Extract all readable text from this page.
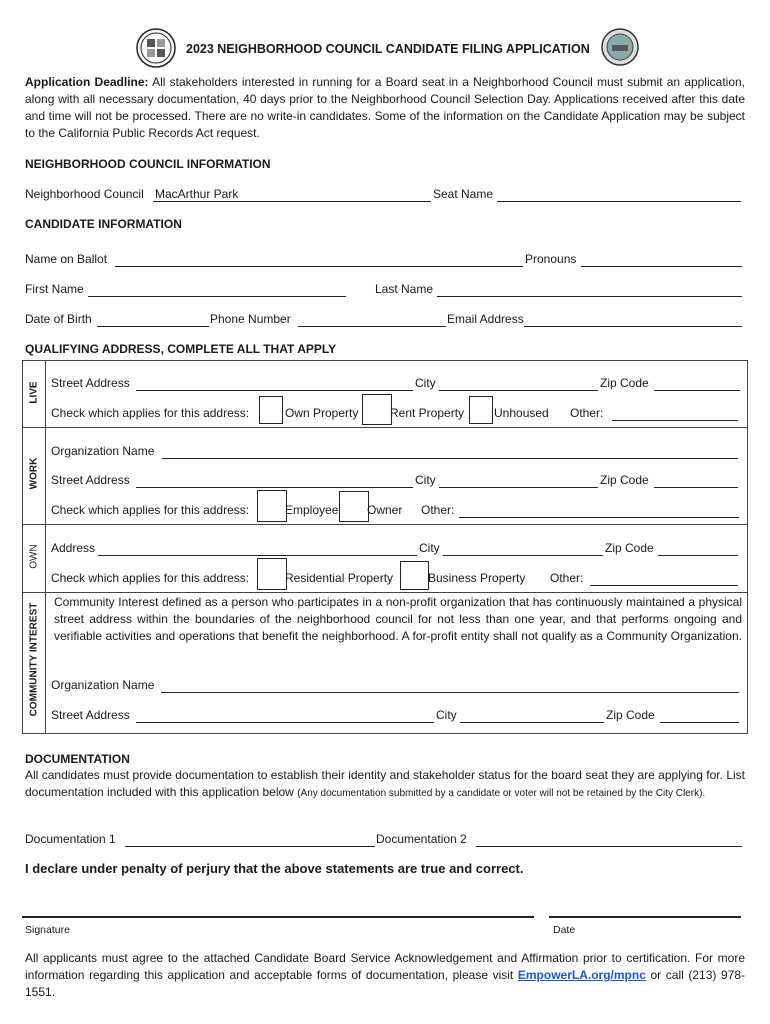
2023 NEIGHBORHOOD COUNCIL CANDIDATE FILING APPLICATION
Application Deadline: All stakeholders interested in running for a Board seat in a Neighborhood Council must submit an application, along with all necessary documentation, 40 days prior to the Neighborhood Council Selection Day. Applications received after this date and time will not be processed. There are no write-in candidates. Some of the information on the Candidate Application may be subject to the California Public Records Act request.
NEIGHBORHOOD COUNCIL INFORMATION
Neighborhood Council MacArthur Park	Seat Name
CANDIDATE INFORMATION
Name on Ballot	Pronouns
First Name	Last Name
Date of Birth	Phone Number	Email Address
QUALIFYING ADDRESS, COMPLETE ALL THAT APPLY
LIVE
WORK
OWN
COMMUNITY INTEREST
Street Address	City	Zip Code
Check which applies for this address:	Own Property	Rent Property Unhoused Other:
Organization Name
Street Address	City	Zip Code
Check which applies for this address:	Employee Owner Other:
Address	City	Zip Code
Check which applies for this address:	Residential Property	Business Property Other:
Community Interest defined as a person who participates in a non-profit organization that has continuously maintained a physical street address within the boundaries of the neighborhood council for not less than one year, and that performs ongoing and verifiable activities and operations that benefit the neighborhood. A for-profit entity shall not qualify as a Community Organization.
Organization Name
Street Address	City	Zip Code
DOCUMENTATION
All candidates must provide documentation to establish their identity and stakeholder status for the board seat they are applying for. List documentation included with this application below (Any documentation submitted by a candidate or voter will not be retained by the City Clerk).
Documentation 1	Documentation 2
I declare under penalty of perjury that the above statements are true and correct.
Signature	Date
All applicants must agree to the attached Candidate Board Service Acknowledgement and Affirmation prior to certification. For more information regarding this application and acceptable forms of documentation, please visit EmpowerLA.org/mpnc or call (213) 978-1551.
